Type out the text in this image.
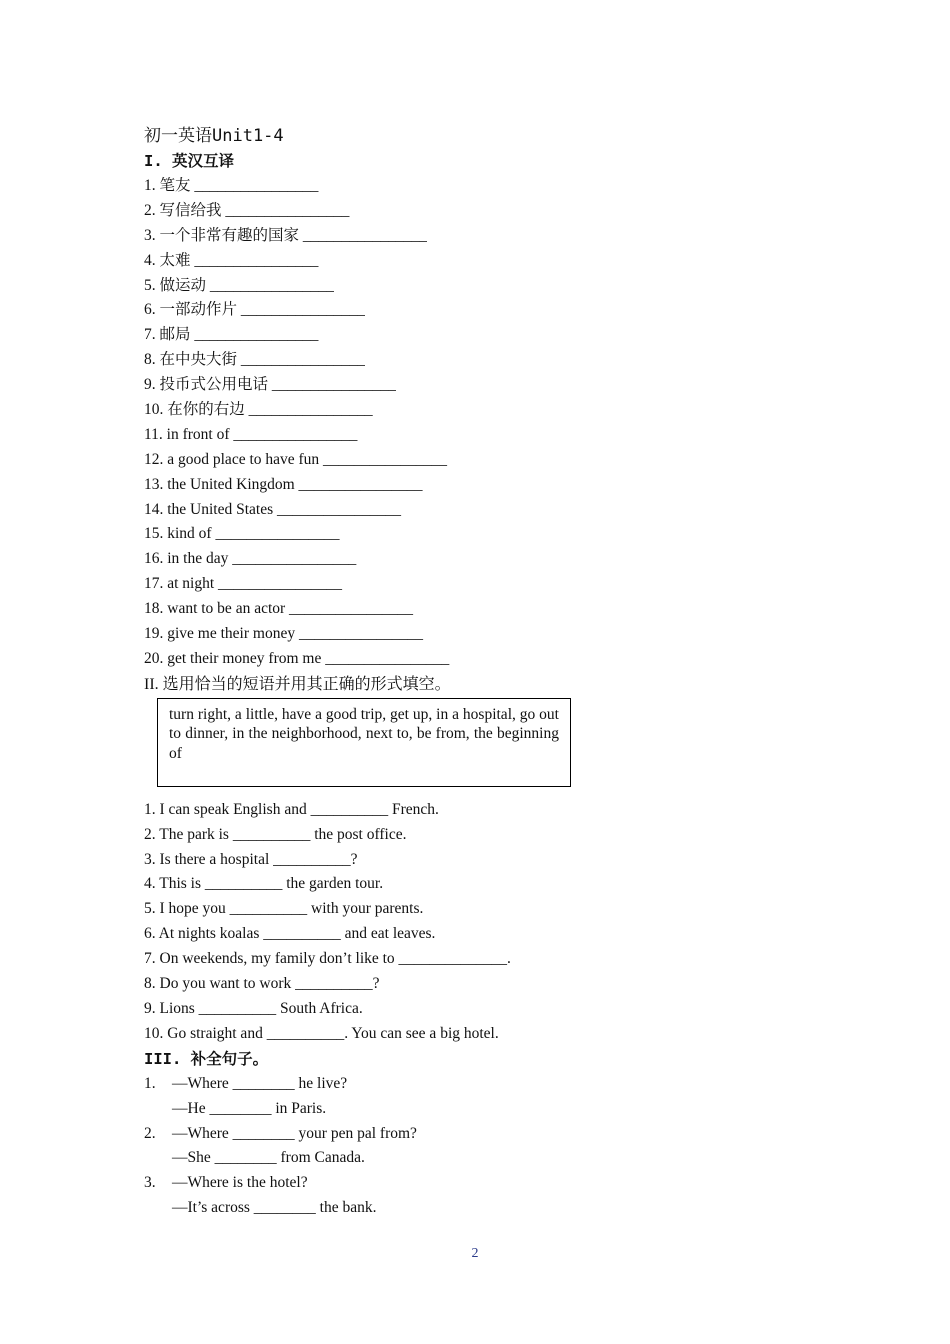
初一英语Unit1-4
I. 英汉互译
1. 笔友 ________________
2. 写信给我 ________________
3. 一个非常有趣的国家 ________________
4. 太难 ________________
5. 做运动 ________________
6. 一部动作片 ________________
7. 邮局 ________________
8. 在中央大街 ________________
9. 投币式公用电话 ________________
10. 在你的右边 ________________
11. in front of ________________
12. a good place to have fun ________________
13. the United Kingdom ________________
14. the United States ________________
15. kind of ________________
16. in the day ________________
17. at night ________________
18. want to be an actor ________________
19. give me their money ________________
20. get their money from me ________________
II. 选用恰当的短语并用其正确的形式填空。
turn right, a little, have a good trip, get up, in a hospital, go out to dinner, in the neighborhood, next to, be from, the beginning of
1. I can speak English and __________ French.
2. The park is __________ the post office.
3. Is there a hospital __________?
4. This is __________ the garden tour.
5. I hope you __________ with your parents.
6. At nights koalas __________ and eat leaves.
7. On weekends, my family don’t like to ______________.
8. Do you want to work __________?
9. Lions __________ South Africa.
10. Go straight and __________. You can see a big hotel.
III. 补全句子。
1.	—Where ________ he live?
—He ________ in Paris.
2.	—Where ________ your pen pal from?
—She ________ from Canada.
3.	—Where is the hotel?
—It’s across ________ the bank.
2
